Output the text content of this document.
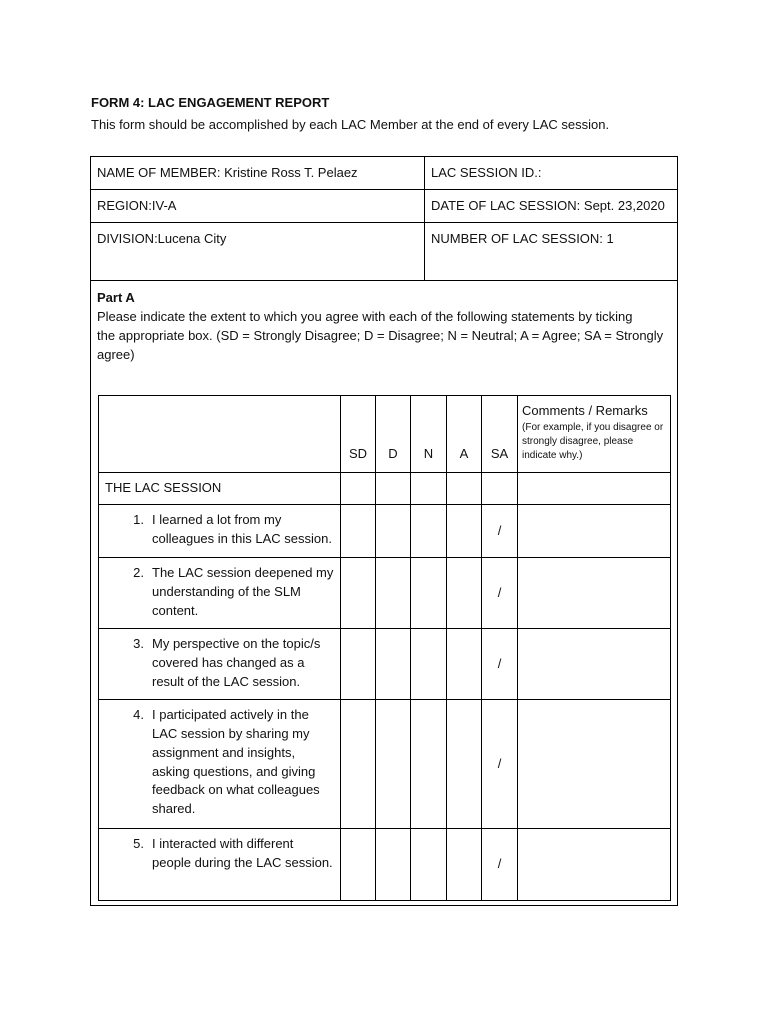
FORM 4: LAC ENGAGEMENT REPORT
This form should be accomplished by each LAC Member at the end of every LAC session.
NAME OF MEMBER: Kristine Ross T. Pelaez	LAC SESSION ID.:
REGION:IV-A	DATE OF LAC SESSION: Sept. 23,2020
DIVISION:Lucena City	NUMBER OF LAC SESSION: 1

Part A

Please indicate the extent to which you agree with each of the following statements by ticking

the appropriate box. (SD = Strongly Disagree; D = Disagree; N = Neutral; A = Agree; SA = Strongly agree)

	SD	D	N	A	SA	Comments / Remarks
(For example, if you disagree or strongly disagree, please indicate why.)

THE LAC SESSION						

1. I learned a lot from my colleagues in this LAC session.					/	

2. The LAC session deepened my understanding of the SLM content.					/	

3. My perspective on the topic/s covered has changed as a result of the LAC session.					/	

4. I participated actively in the LAC session by sharing my assignment and insights, asking questions, and giving feedback on what colleagues shared.					/	

5. I interacted with different people during the LAC session.					/	
